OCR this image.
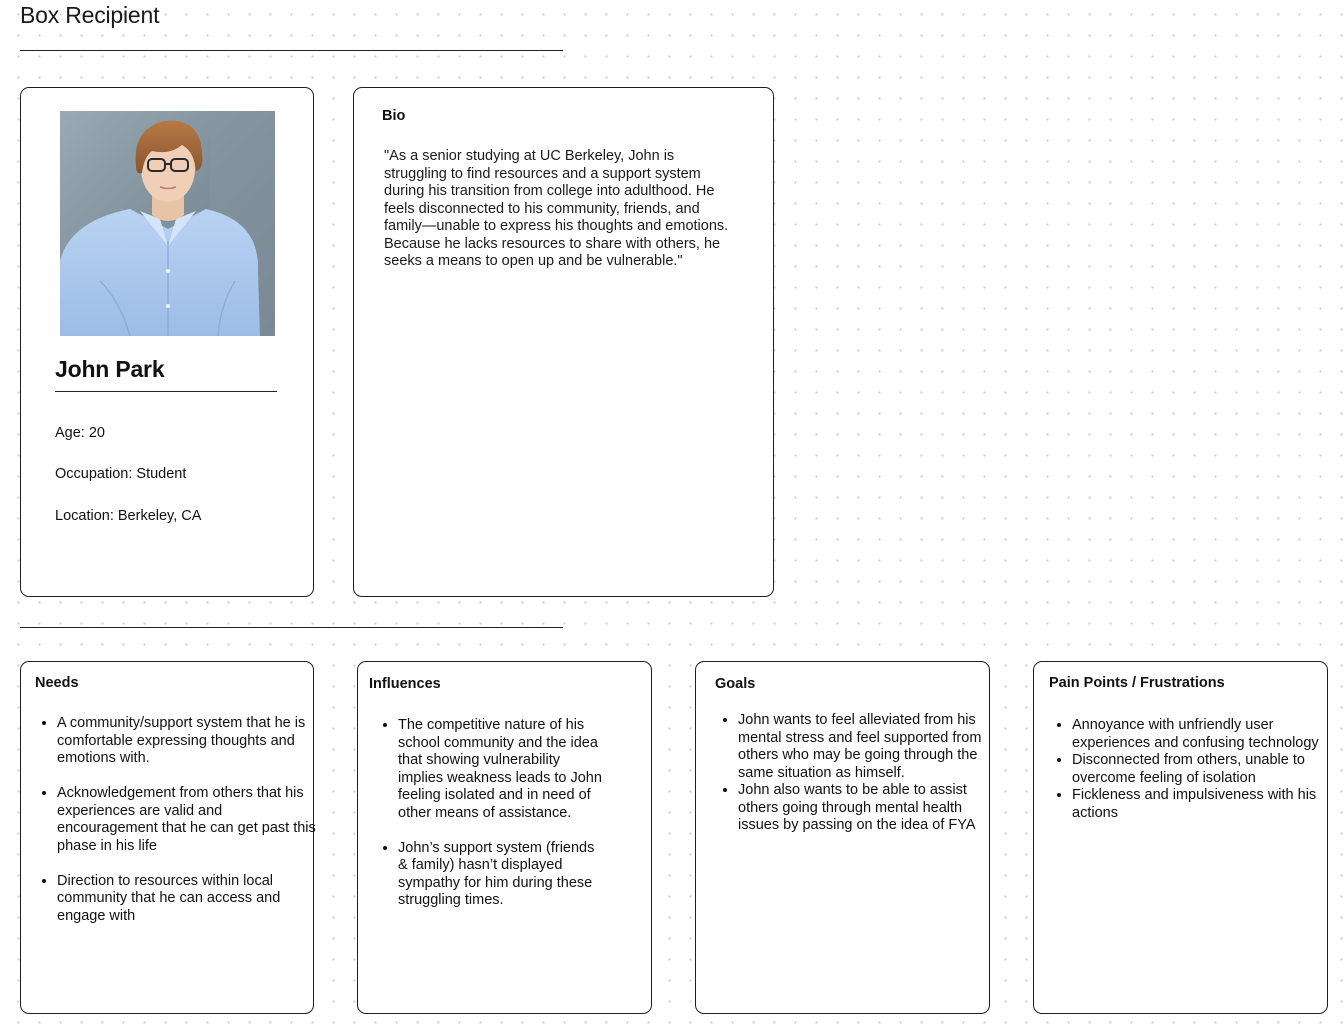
Box Recipient
John Park
Age: 20
Occupation: Student
Location: Berkeley, CA
Bio
"As a senior studying at UC Berkeley, John is struggling to find resources and a support system during his transition from college into adulthood. He feels disconnected to his community, friends, and family—unable to express his thoughts and emotions. Because he lacks resources to share with others, he seeks a means to open up and be vulnerable."
Needs
• A community/support system that he is comfortable expressing thoughts and emotions with.
• Acknowledgement from others that his experiences are valid and encouragement that he can get past this phase in his life
• Direction to resources within local community that he can access and engage with
Influences
• The competitive nature of his school community and the idea that showing vulnerability implies weakness leads to John feeling isolated and in need of other means of assistance.
• John’s support system (friends & family) hasn’t displayed sympathy for him during these struggling times.
Goals
• John wants to feel alleviated from his mental stress and feel supported from others who may be going through the same situation as himself.
• John also wants to be able to assist others going through mental health issues by passing on the idea of FYA
Pain Points / Frustrations
• Annoyance with unfriendly user experiences and confusing technology
• Disconnected from others, unable to overcome feeling of isolation
• Fickleness and impulsiveness with his actions
